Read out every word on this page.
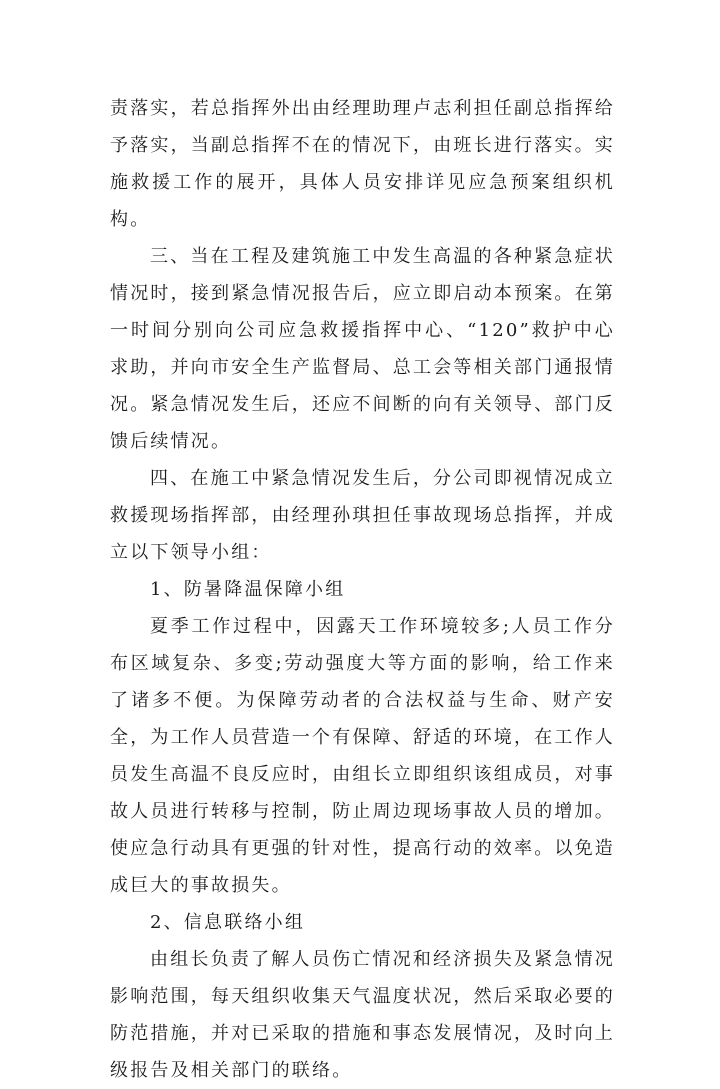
责落实，若总指挥外出由经理助理卢志利担任副总指挥给予落实，当副总指挥不在的情况下，由班长进行落实。实施救援工作的展开，具体人员安排详见应急预案组织机构。

三、当在工程及建筑施工中发生高温的各种紧急症状情况时，接到紧急情况报告后，应立即启动本预案。在第一时间分别向公司应急救援指挥中心、“120”救护中心求助，并向市安全生产监督局、总工会等相关部门通报情况。紧急情况发生后，还应不间断的向有关领导、部门反馈后续情况。

四、在施工中紧急情况发生后，分公司即视情况成立救援现场指挥部，由经理孙琪担任事故现场总指挥，并成立以下领导小组：

1、防暑降温保障小组

夏季工作过程中，因露天工作环境较多;人员工作分布区域复杂、多变;劳动强度大等方面的影响，给工作来了诸多不便。为保障劳动者的合法权益与生命、财产安全，为工作人员营造一个有保障、舒适的环境，在工作人员发生高温不良反应时，由组长立即组织该组成员，对事故人员进行转移与控制，防止周边现场事故人员的增加。使应急行动具有更强的针对性，提高行动的效率。以免造成巨大的事故损失。

2、信息联络小组

由组长负责了解人员伤亡情况和经济损失及紧急情况影响范围，每天组织收集天气温度状况，然后采取必要的防范措施，并对已采取的措施和事态发展情况，及时向上级报告及相关部门的联络。
